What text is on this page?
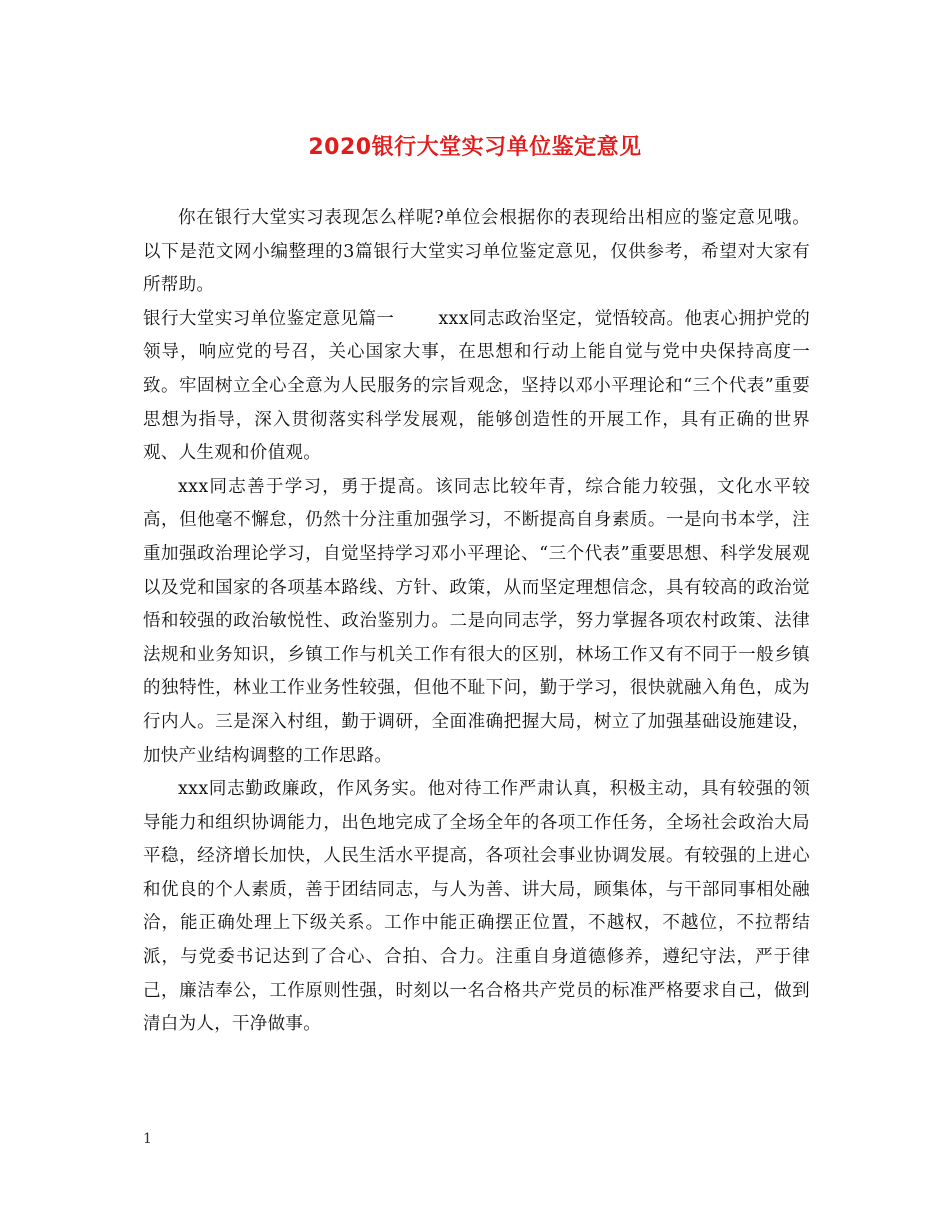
2020银行大堂实习单位鉴定意见

你在银行大堂实习表现怎么样呢?单位会根据你的表现给出相应的鉴定意见哦。以下是范文网小编整理的3篇银行大堂实习单位鉴定意见，仅供参考，希望对大家有所帮助。

银行大堂实习单位鉴定意见篇一	xxx同志政治坚定，觉悟较高。他衷心拥护党的领导，响应党的号召，关心国家大事，在思想和行动上能自觉与党中央保持高度一致。牢固树立全心全意为人民服务的宗旨观念，坚持以邓小平理论和“三个代表”重要思想为指导，深入贯彻落实科学发展观，能够创造性的开展工作，具有正确的世界观、人生观和价值观。

xxx同志善于学习，勇于提高。该同志比较年青，综合能力较强，文化水平较高，但他毫不懈怠，仍然十分注重加强学习，不断提高自身素质。一是向书本学，注重加强政治理论学习，自觉坚持学习邓小平理论、“三个代表”重要思想、科学发展观以及党和国家的各项基本路线、方针、政策，从而坚定理想信念，具有较高的政治觉悟和较强的政治敏悦性、政治鉴别力。二是向同志学，努力掌握各项农村政策、法律法规和业务知识，乡镇工作与机关工作有很大的区别，林场工作又有不同于一般乡镇的独特性，林业工作业务性较强，但他不耻下问，勤于学习，很快就融入角色，成为行内人。三是深入村组，勤于调研，全面准确把握大局，树立了加强基础设施建设，加快产业结构调整的工作思路。

xxx同志勤政廉政，作风务实。他对待工作严肃认真，积极主动，具有较强的领导能力和组织协调能力，出色地完成了全场全年的各项工作任务，全场社会政治大局平稳，经济增长加快，人民生活水平提高，各项社会事业协调发展。有较强的上进心和优良的个人素质，善于团结同志，与人为善、讲大局，顾集体，与干部同事相处融洽，能正确处理上下级关系。工作中能正确摆正位置，不越权，不越位，不拉帮结派，与党委书记达到了合心、合拍、合力。注重自身道德修养，遵纪守法，严于律己，廉洁奉公，工作原则性强，时刻以一名合格共产党员的标准严格要求自己，做到清白为人，干净做事。

1
